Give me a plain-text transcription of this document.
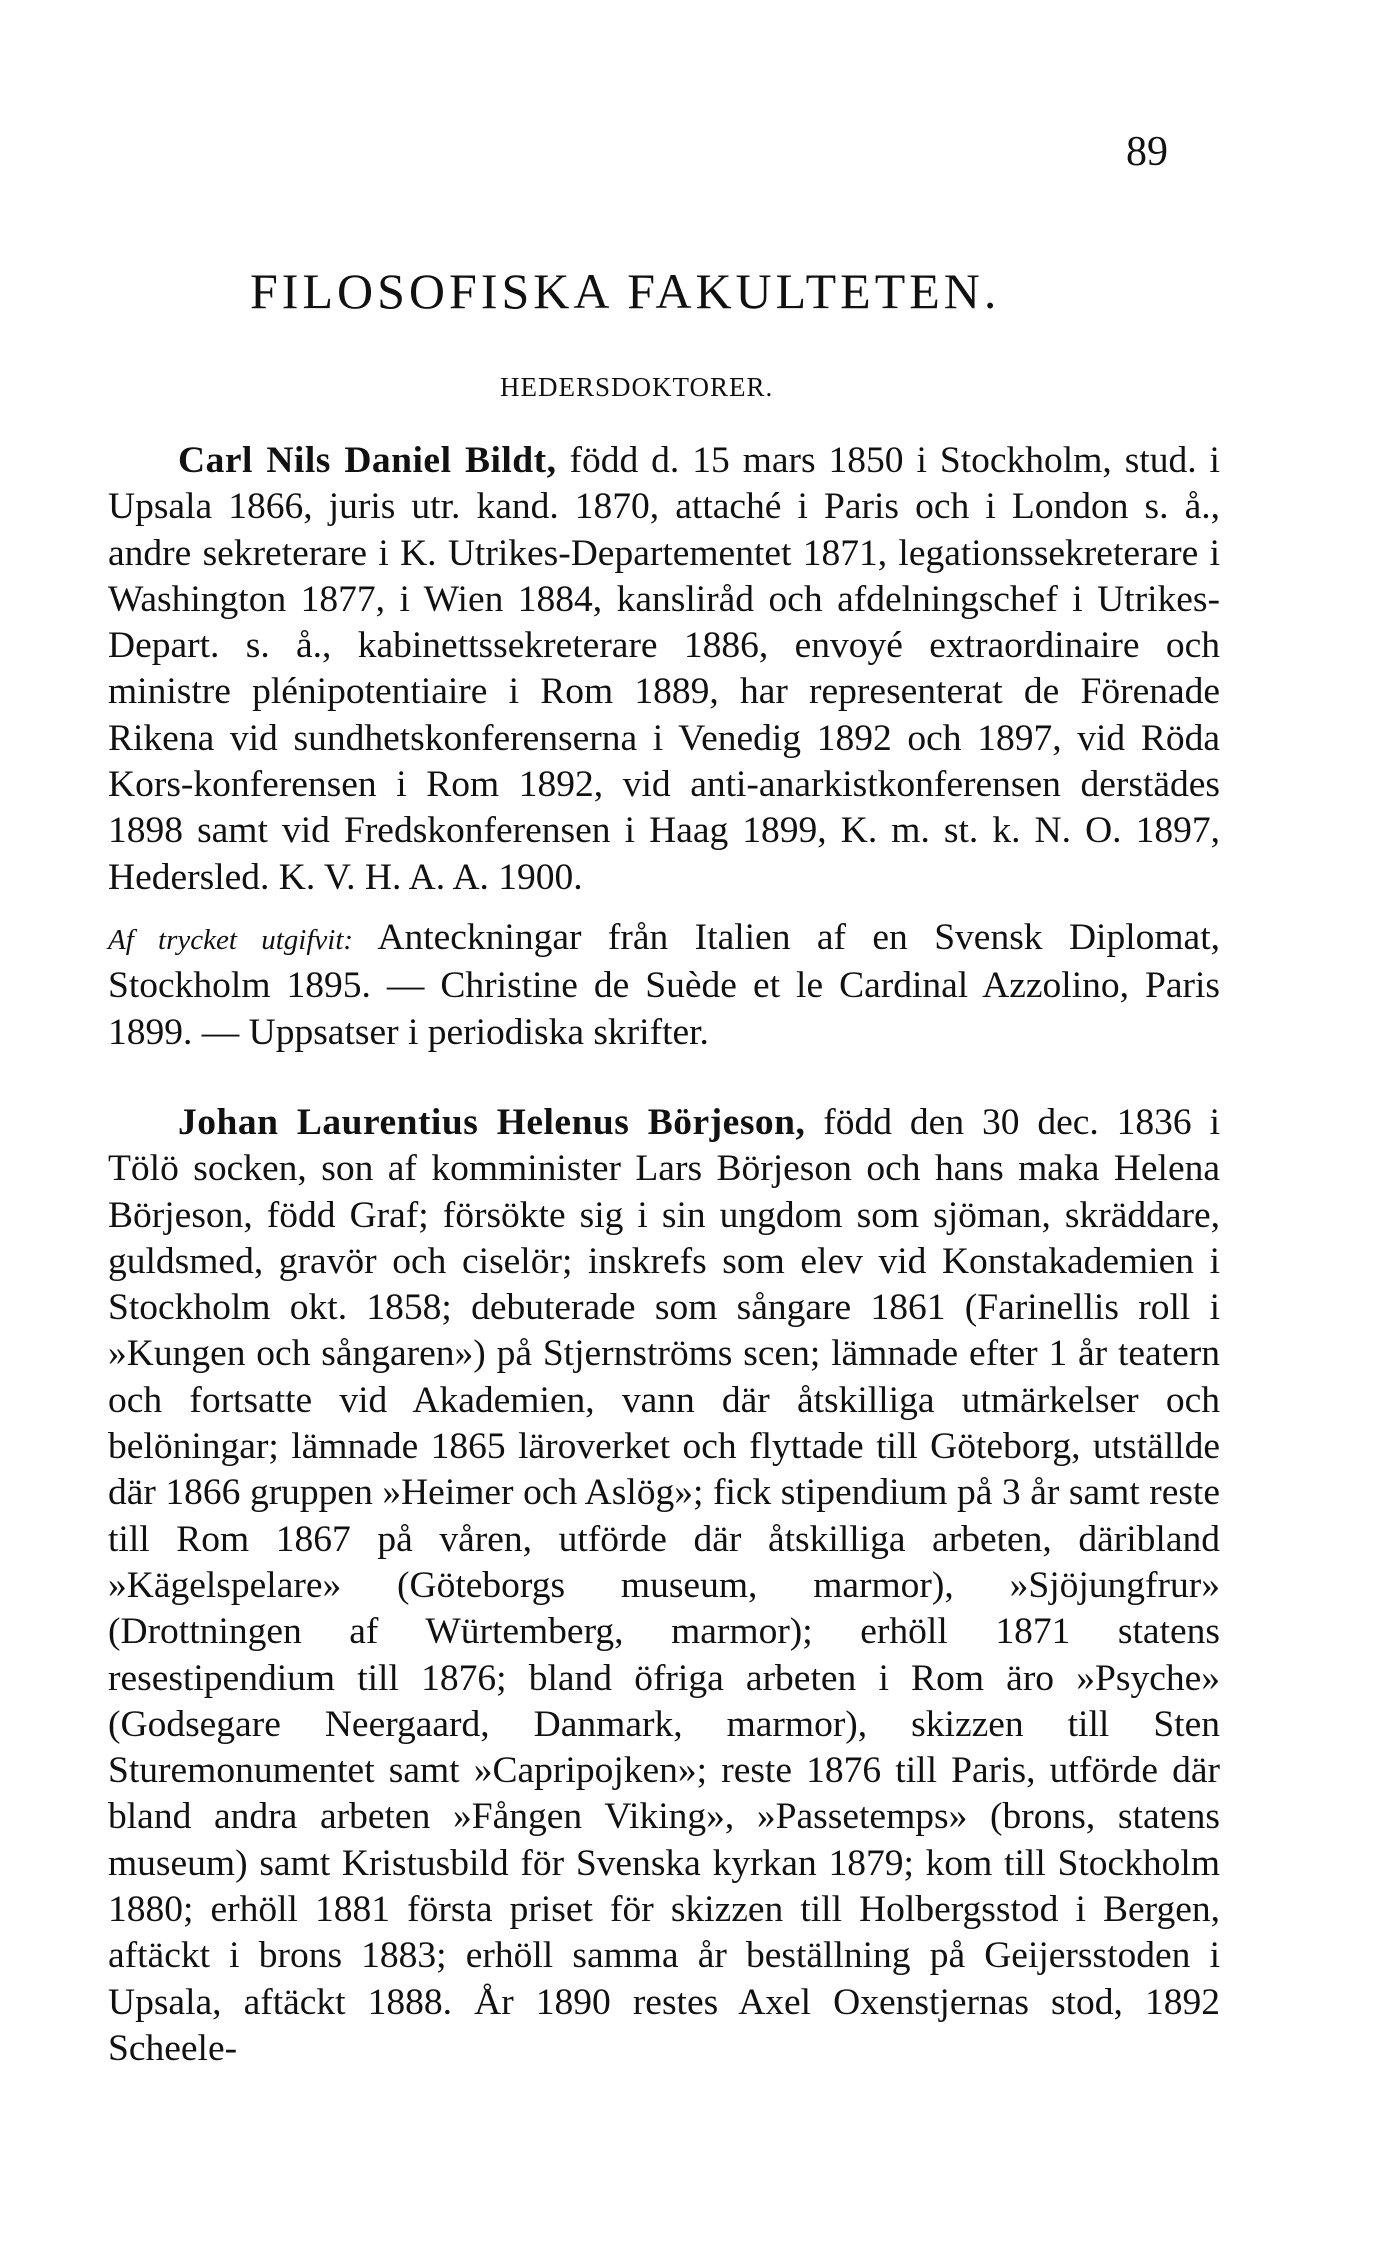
89
FILOSOFISKA FAKULTETEN.
HEDERSDOKTORER.

Carl Nils Daniel Bildt, född d. 15 mars 1850 i Stockholm, stud. i Upsala 1866, juris utr. kand. 1870, attaché i Paris och i London s. å., andre sekreterare i K. Utrikes-Departementet 1871, legationssekreterare i Washington 1877, i Wien 1884, kansliråd och afdelningschef i Utrikes-Depart. s. å., kabinettssekreterare 1886, envoyé extraordinaire och ministre plénipotentiaire i Rom 1889, har representerat de Förenade Rikena vid sundhetskonferenserna i Venedig 1892 och 1897, vid Röda Kors-konferensen i Rom 1892, vid anti-anarkistkonferensen derstädes 1898 samt vid Fredskonferensen i Haag 1899, K. m. st. k. N. O. 1897, Hedersled. K. V. H. A. A. 1900.

Af trycket utgifvit: Anteckningar från Italien af en Svensk Diplomat, Stockholm 1895. — Christine de Suède et le Cardinal Azzolino, Paris 1899. — Uppsatser i periodiska skrifter.

Johan Laurentius Helenus Börjeson, född den 30 dec. 1836 i Tölö socken, son af komminister Lars Börjeson och hans maka Helena Börjeson, född Graf; försökte sig i sin ungdom som sjöman, skräddare, guldsmed, gravör och ciselör; inskrefs som elev vid Konstakademien i Stockholm okt. 1858; debuterade som sångare 1861 (Farinellis roll i »Kungen och sångaren») på Stjernströms scen; lämnade efter 1 år teatern och fortsatte vid Akademien, vann där åtskilliga utmärkelser och belöningar; lämnade 1865 läroverket och flyttade till Göteborg, utställde där 1866 gruppen »Heimer och Aslög»; fick stipendium på 3 år samt reste till Rom 1867 på våren, utförde där åtskilliga arbeten, däribland »Kägelspelare» (Göteborgs museum, marmor), »Sjöjungfrur» (Drottningen af Würtemberg, marmor); erhöll 1871 statens resestipendium till 1876; bland öfriga arbeten i Rom äro »Psyche» (Godsegare Neergaard, Danmark, marmor), skizzen till Sten Sturemonumentet samt »Capripojken»; reste 1876 till Paris, utförde där bland andra arbeten »Fången Viking», »Passetemps» (brons, statens museum) samt Kristusbild för Svenska kyrkan 1879; kom till Stockholm 1880; erhöll 1881 första priset för skizzen till Holbergsstod i Bergen, aftäckt i brons 1883; erhöll samma år beställning på Geijersstoden i Upsala, aftäckt 1888. År 1890 restes Axel Oxenstjernas stod, 1892 Scheele-
